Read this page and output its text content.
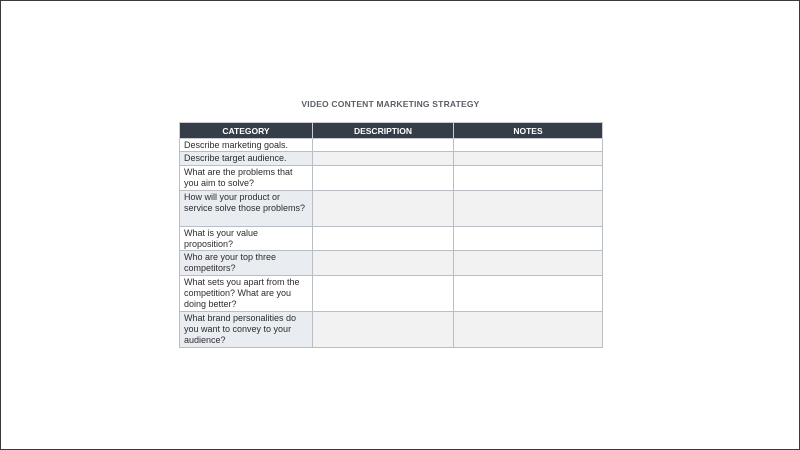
VIDEO CONTENT MARKETING STRATEGY
CATEGORY	DESCRIPTION	NOTES
Describe marketing goals.		
Describe target audience.		
What are the problems that you aim to solve?		
How will your product or service solve those problems?		
What is your value proposition?		
Who are your top three competitors?		
What sets you apart from the competition? What are you doing better?		
What brand personalities do you want to convey to your audience?		
